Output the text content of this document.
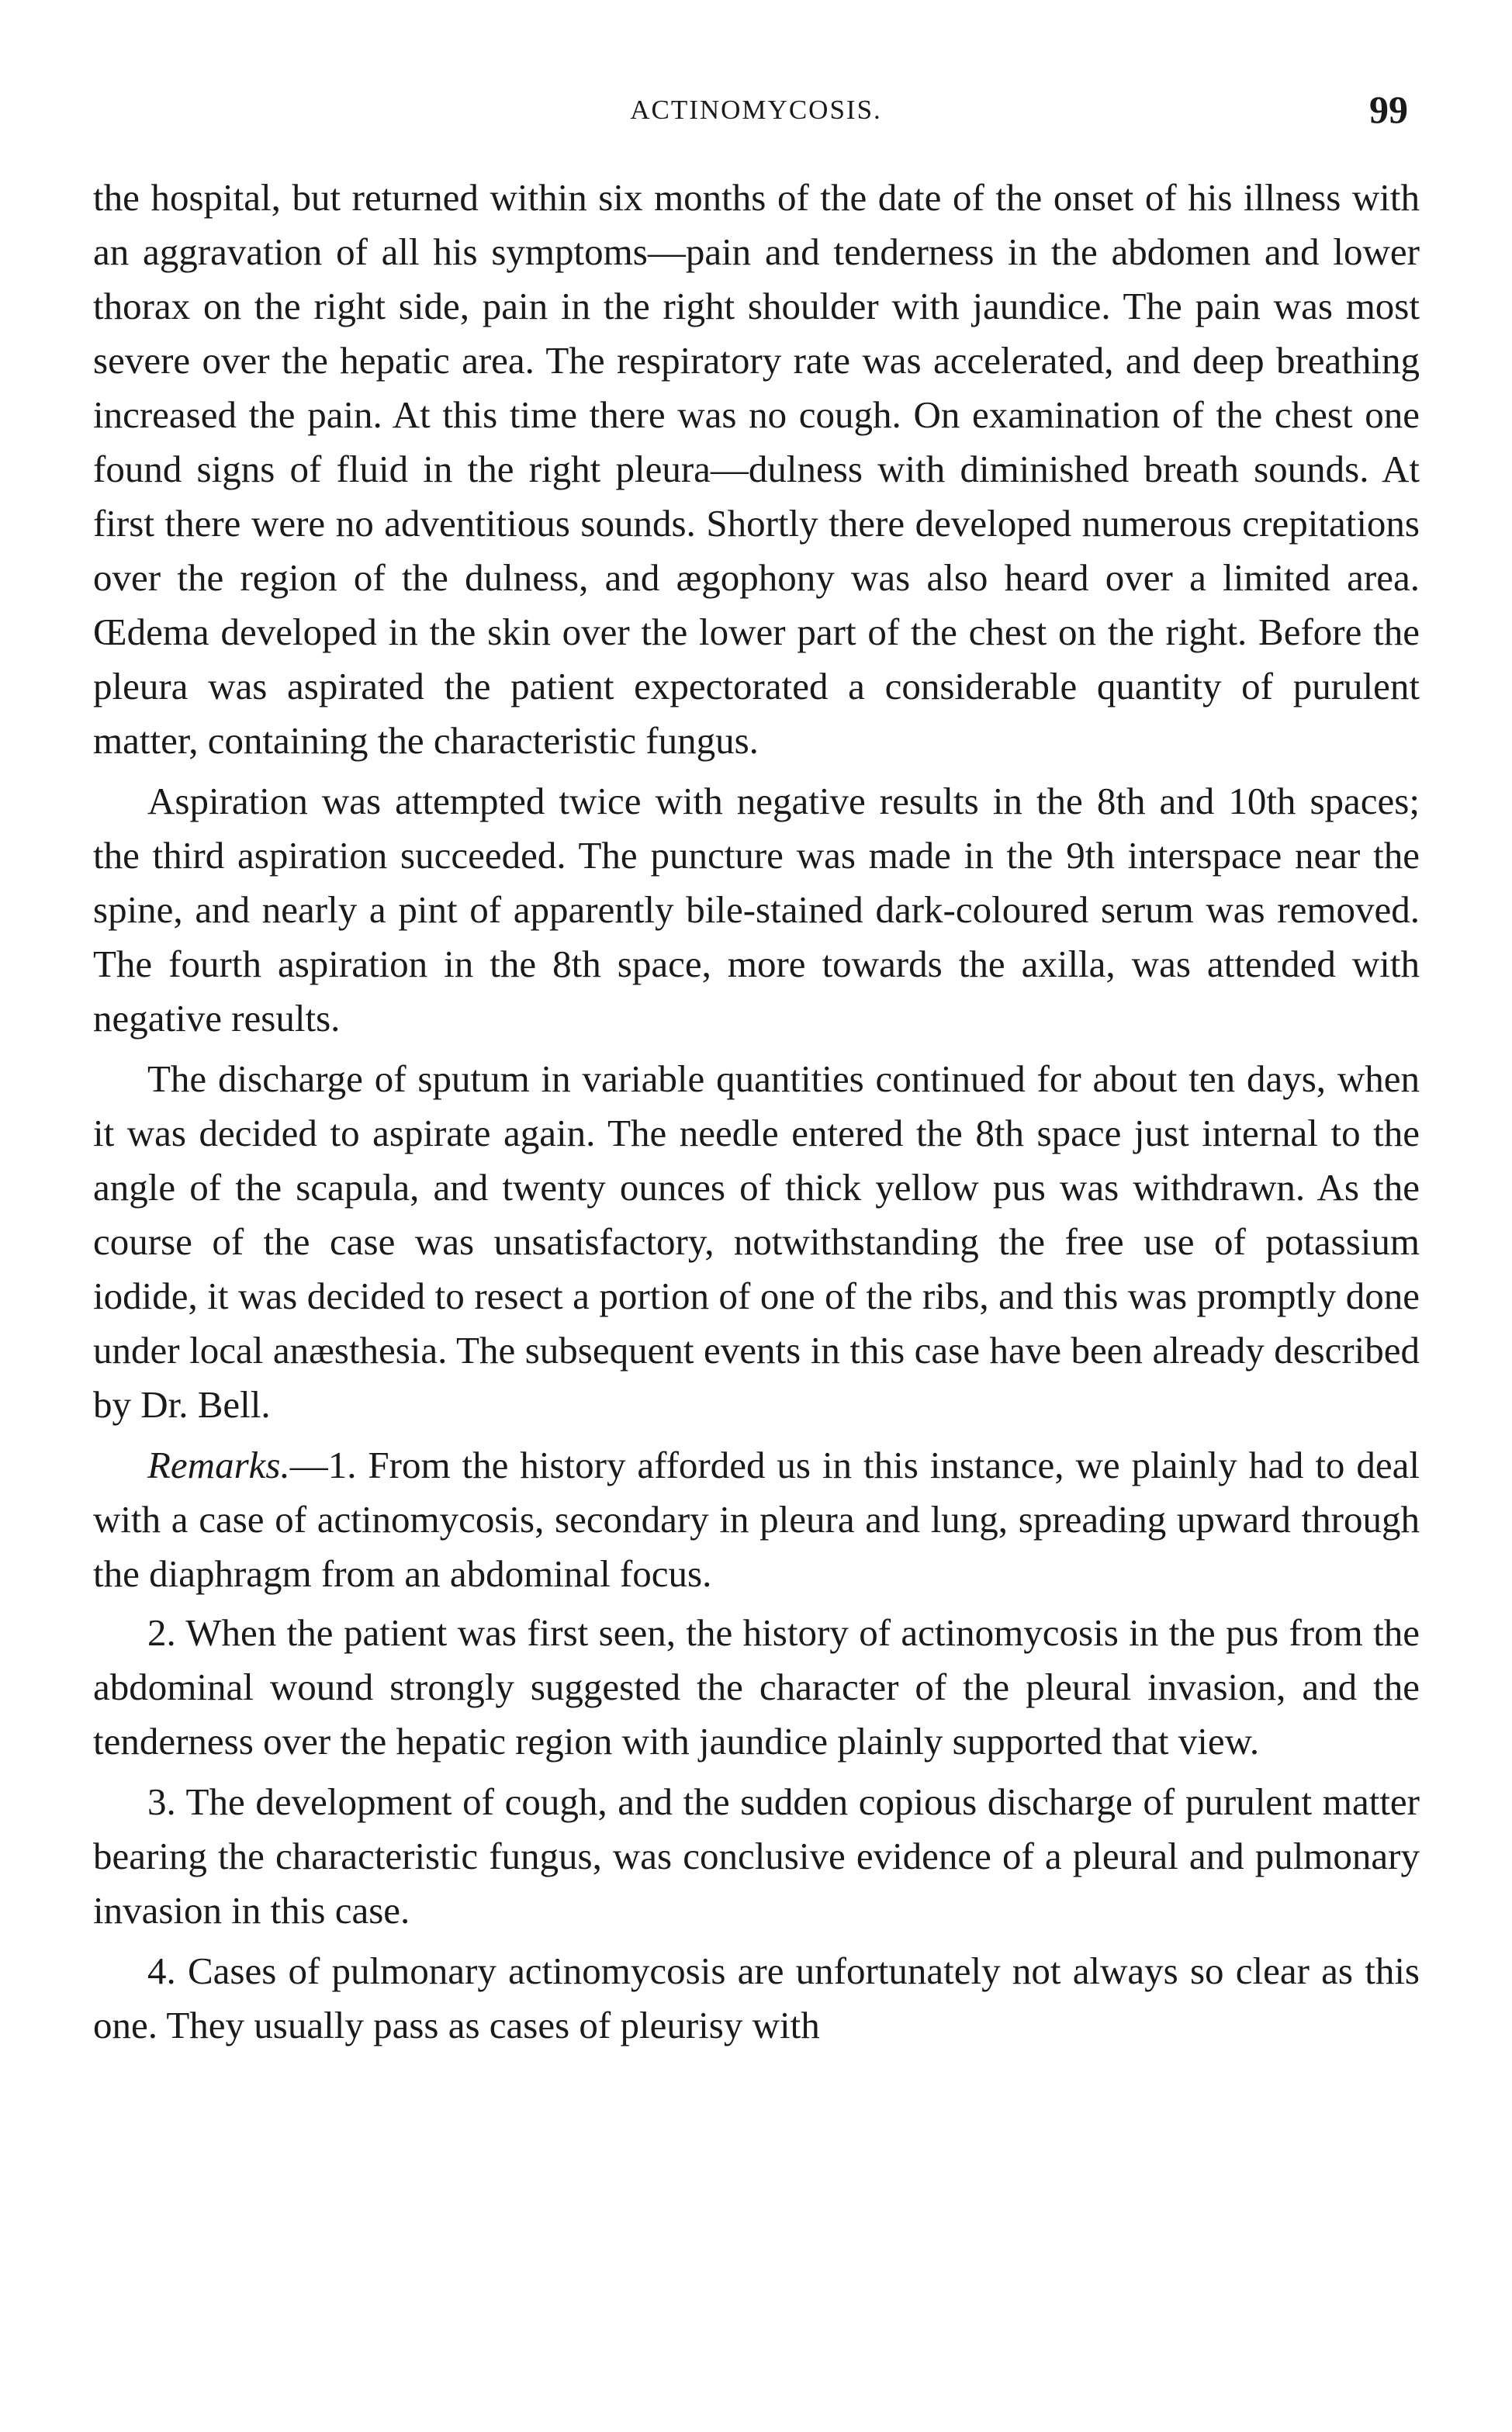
ACTINOMYCOSIS.	99

the hospital, but returned within six months of the date of the onset of his illness with an aggravation of all his symptoms—pain and tenderness in the abdomen and lower thorax on the right side, pain in the right shoulder with jaundice. The pain was most severe over the hepatic area. The respiratory rate was accelerated, and deep breathing increased the pain. At this time there was no cough. On examination of the chest one found signs of fluid in the right pleura—dulness with diminished breath sounds. At first there were no adventitious sounds. Shortly there developed numerous crepitations over the region of the dulness, and ægophony was also heard over a limited area. Œdema developed in the skin over the lower part of the chest on the right. Before the pleura was aspirated the patient expectorated a considerable quantity of purulent matter, containing the characteristic fungus.

Aspiration was attempted twice with negative results in the 8th and 10th spaces; the third aspiration succeeded. The puncture was made in the 9th interspace near the spine, and nearly a pint of apparently bile-stained dark-coloured serum was removed. The fourth aspiration in the 8th space, more towards the axilla, was attended with negative results.

The discharge of sputum in variable quantities continued for about ten days, when it was decided to aspirate again. The needle entered the 8th space just internal to the angle of the scapula, and twenty ounces of thick yellow pus was withdrawn. As the course of the case was unsatisfactory, notwithstanding the free use of potassium iodide, it was decided to resect a portion of one of the ribs, and this was promptly done under local anæsthesia. The subsequent events in this case have been already described by Dr. Bell.

Remarks.—1. From the history afforded us in this instance, we plainly had to deal with a case of actinomycosis, secondary in pleura and lung, spreading upward through the diaphragm from an abdominal focus.

2. When the patient was first seen, the history of actinomycosis in the pus from the abdominal wound strongly suggested the character of the pleural invasion, and the tenderness over the hepatic region with jaundice plainly supported that view.

3. The development of cough, and the sudden copious discharge of purulent matter bearing the characteristic fungus, was conclusive evidence of a pleural and pulmonary invasion in this case.

4. Cases of pulmonary actinomycosis are unfortunately not always so clear as this one. They usually pass as cases of pleurisy with
